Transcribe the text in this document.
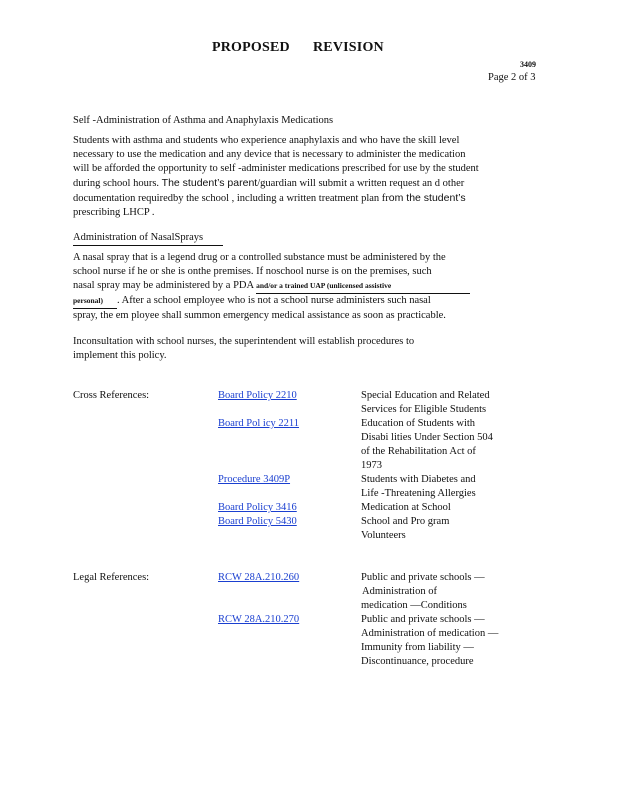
PROPOSED REVISION
3409
Page 2 of 3
Self -Administration of Asthma and Anaphylaxis Medications
Students with asthma and students who experience anaphylaxis and who have the skill level
necessary to use the medication and any device that is necessary to administer the medication
will be afforded the opportunity to self -administer medications prescribed for use by the student
during school hours. The student’s parent/guardian will submit a written request an d other
documentation requiredby the school , including a written treatment plan from the student’s
prescribing LHCP .
Administration of NasalSprays
A nasal spray that is a legend drug or a controlled substance must be administered by the
school nurse if he or she is onthe premises. If noschool nurse is on the premises, such
nasal spray may be administered by a PDA and/or a trained UAP (unlicensed assistive
personal) . After a school employee who is not a school nurse administers such nasal
spray, the em ployee shall summon emergency medical assistance as soon as practicable.
Inconsultation with school nurses, the superintendent will establish procedures to
implement this policy.
Cross References:	Board Policy 2210	Special Education and Related
Services for Eligible Students
Board Pol icy 2211	Education of Students with
Disabi lities Under Section 504
of the Rehabilitation Act of
1973
Procedure 3409P	Students with Diabetes and
Life -Threatening Allergies
Board Policy 3416	Medication at School
Board Policy 5430	School and Pro gram
Volunteers
Legal References:	RCW 28A.210.260	Public and private schools —
Administration of
medication —Conditions
RCW 28A.210.270	Public and private schools —
Administration of medication —
Immunity from liability —
Discontinuance, procedure
